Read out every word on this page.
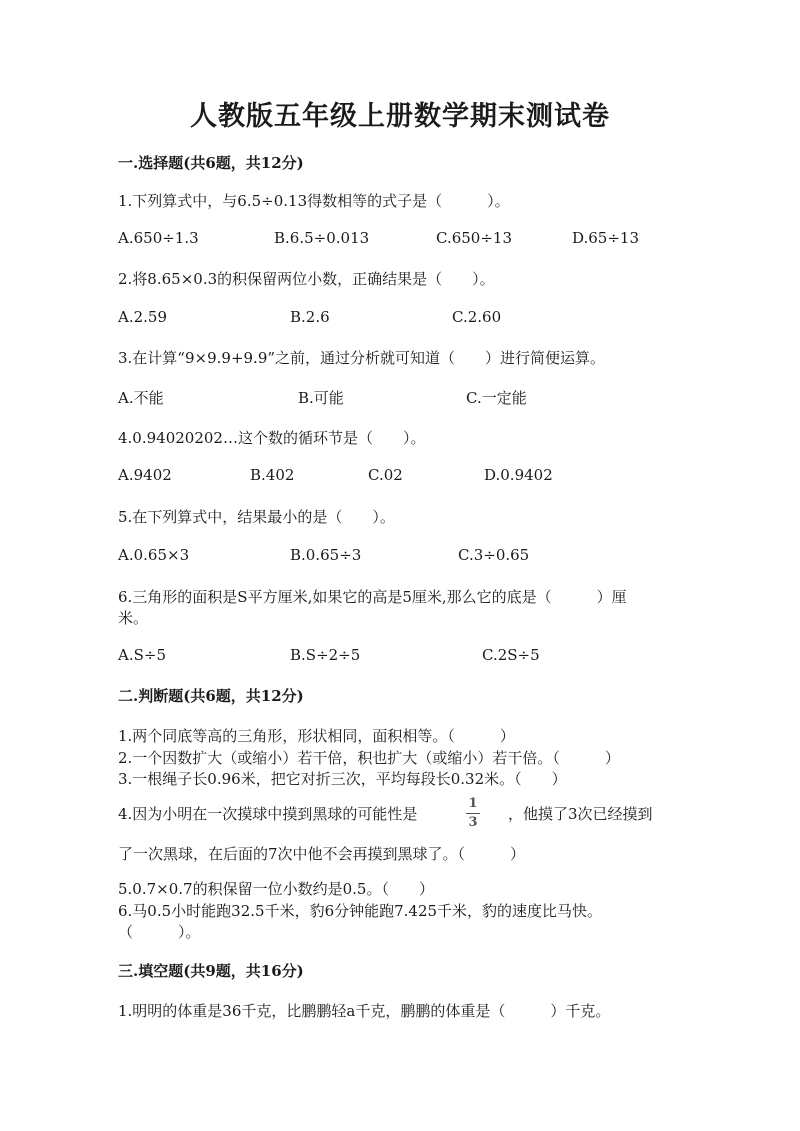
人教版五年级上册数学期末测试卷
一.选择题(共6题，共12分)
1.下列算式中，与6.5÷0.13得数相等的式子是（　　　）。
A.650÷1.3	B.6.5÷0.013	C.650÷13	D.65÷13
2.将8.65×0.3的积保留两位小数，正确结果是（　　）。
A.2.59	B.2.6	C.2.60
3.在计算“9×9.9+9.9”之前，通过分析就可知道（　　）进行简便运算。
A.不能	B.可能	C.一定能
4.0.94020202…这个数的循环节是（　　）。
A.9402	B.402	C.02	D.0.9402
5.在下列算式中，结果最小的是（　　）。
A.0.65×3	B.0.65÷3	C.3÷0.65
6.三角形的面积是S平方厘米,如果它的高是5厘米,那么它的底是（　　　）厘
米。
A.S÷5	B.S÷2÷5	C.2S÷5
二.判断题(共6题，共12分)
1.两个同底等高的三角形，形状相同，面积相等。（　　　）
2.一个因数扩大（或缩小）若干倍，积也扩大（或缩小）若干倍。（　　　）
3.一根绳子长0.96米，把它对折三次，平均每段长0.32米。（　　）
4.因为小明在一次摸球中摸到黑球的可能性是
1
3 ，他摸了3次已经摸到
了一次黑球，在后面的7次中他不会再摸到黑球了。（　　　）
5.0.7×0.7的积保留一位小数约是0.5。（　　）
6.马0.5小时能跑32.5千米，豹6分钟能跑7.425千米，豹的速度比马快。
（　　　）。
三.填空题(共9题，共16分)
1.明明的体重是36千克，比鹏鹏轻a千克，鹏鹏的体重是（　　　）千克。
